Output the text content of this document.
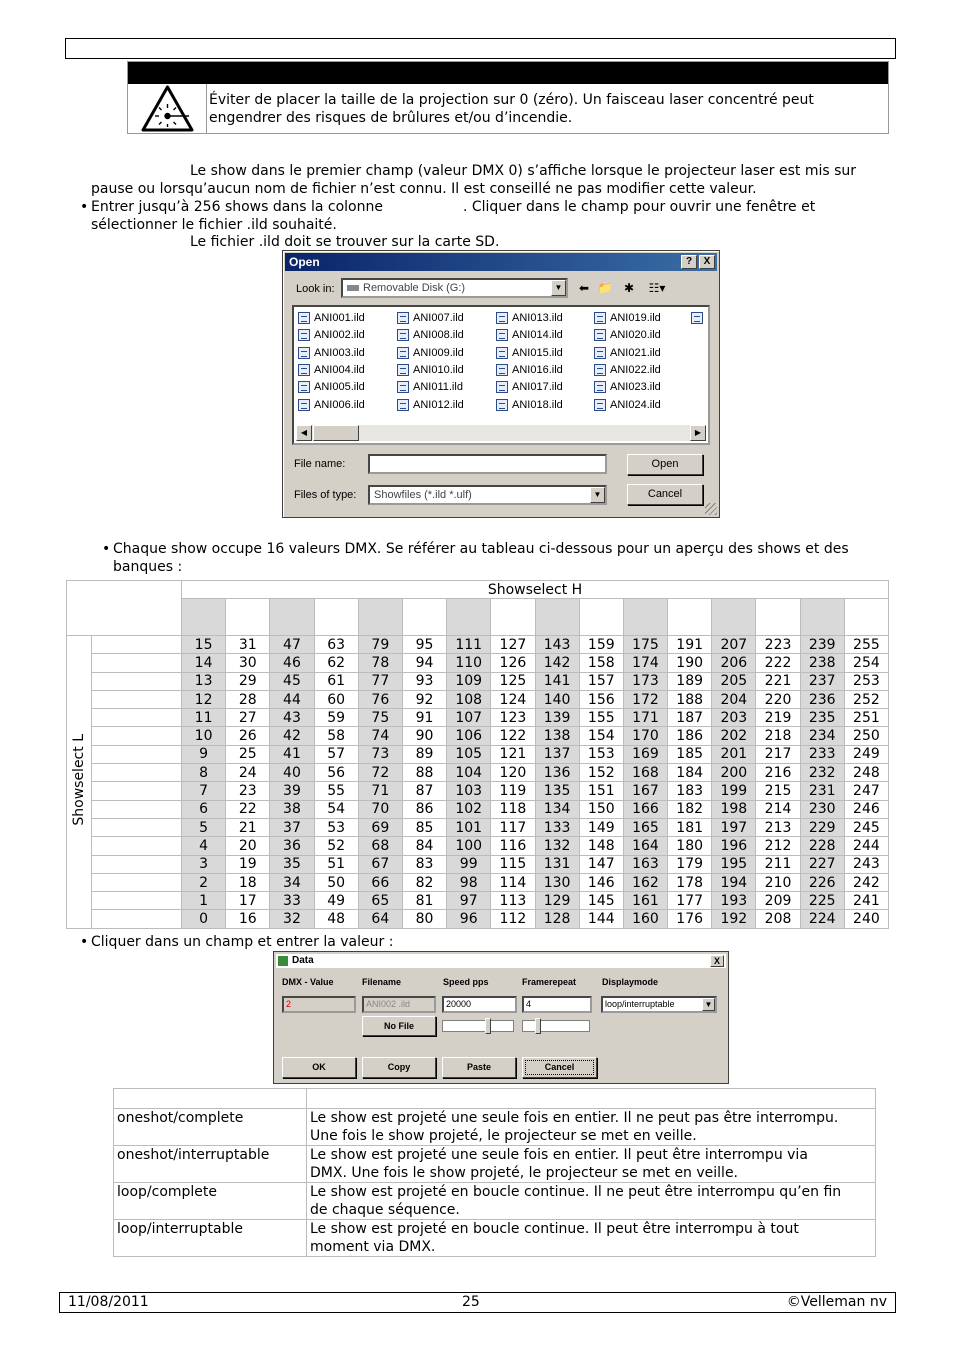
Éviter de placer la taille de la projection sur 0 (zéro). Un faisceau laser concentré peut engendrer des risques de brûlures et/ou d’incendie.
Le show dans le premier champ (valeur DMX 0) s’affiche lorsque le projecteur laser est mis sur
pause ou lorsqu’aucun nom de fichier n’est connu. Il est conseillé ne pas modifier cette valeur.
• Entrer jusqu’à 256 shows dans la colonne	. Cliquer dans le champ pour ouvrir une fenêtre et
sélectionner le fichier .ild souhaité.
Le fichier .ild doit se trouver sur la carte SD.
Open	?	X
Look in:	Removable Disk (G:)	▼	⬅ 📁 ✱	☷▾
ANI001.ild
ANI002.ild
ANI003.ild
ANI004.ild
ANI005.ild
ANI006.ild
ANI007.ild
ANI008.ild
ANI009.ild
ANI010.ild
ANI011.ild
ANI012.ild
ANI013.ild
ANI014.ild
ANI015.ild
ANI016.ild
ANI017.ild
ANI018.ild
ANI019.ild
ANI020.ild
ANI021.ild
ANI022.ild
ANI023.ild
ANI024.ild
◀	▶
File name:
Files of type:	Showfiles (*.ild *.ulf)	▼
Open
Cancel
• Chaque show occupe 16 valeurs DMX. Se référer au tableau ci-dessous pour un aperçu des shows et des
banques :
		Showselect H															

Showselect L		15	31	47	63	79	95	111	127	143	159	175	191	207	223	239	255
		14	30	46	62	78	94	110	126	142	158	174	190	206	222	238	254
		13	29	45	61	77	93	109	125	141	157	173	189	205	221	237	253
		12	28	44	60	76	92	108	124	140	156	172	188	204	220	236	252
		11	27	43	59	75	91	107	123	139	155	171	187	203	219	235	251
		10	26	42	58	74	90	106	122	138	154	170	186	202	218	234	250
		9	25	41	57	73	89	105	121	137	153	169	185	201	217	233	249
		8	24	40	56	72	88	104	120	136	152	168	184	200	216	232	248
		7	23	39	55	71	87	103	119	135	151	167	183	199	215	231	247
		6	22	38	54	70	86	102	118	134	150	166	182	198	214	230	246
		5	21	37	53	69	85	101	117	133	149	165	181	197	213	229	245
		4	20	36	52	68	84	100	116	132	148	164	180	196	212	228	244
		3	19	35	51	67	83	99	115	131	147	163	179	195	211	227	243
		2	18	34	50	66	82	98	114	130	146	162	178	194	210	226	242
		1	17	33	49	65	81	97	113	129	145	161	177	193	209	225	241
		0	16	32	48	64	80	96	112	128	144	160	176	192	208	224	240
• Cliquer dans un champ et entrer la valeur :
Data	X
DMX - Value	Filename	Speed pps	Framerepeat	Displaymode
2	ANI002 .ild	20000	4	loop/interruptable	▼
No File
OK	Copy	Paste	Cancel

oneshot/complete	Le show est projeté une seule fois en entier. Il ne peut pas être interrompu.
Une fois le show projeté, le projecteur se met en veille.

oneshot/interruptable	Le show est projeté une seule fois en entier. Il peut être interrompu via
DMX. Une fois le show projeté, le projecteur se met en veille.

loop/complete	Le show est projeté en boucle continue. Il ne peut être interrompu qu’en fin
de chaque séquence.

loop/interruptable	Le show est projeté en boucle continue. Il peut être interrompu à tout
moment via DMX.
11/08/2011	25	©Velleman nv
